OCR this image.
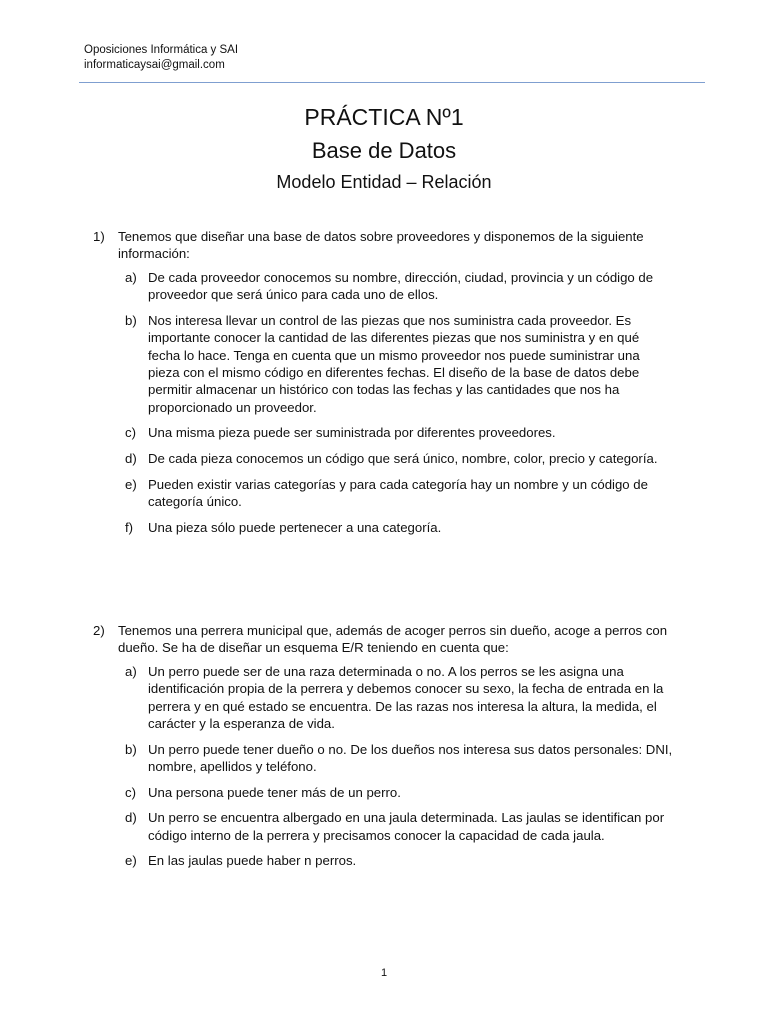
Oposiciones Informática y SAI
informaticaysai@gmail.com
PRÁCTICA Nº1
Base de Datos
Modelo Entidad – Relación
1)	Tenemos que diseñar una base de datos sobre proveedores y disponemos de la siguiente información:
a) De cada proveedor conocemos su nombre, dirección, ciudad, provincia y un código de proveedor que será único para cada uno de ellos.
b) Nos interesa llevar un control de las piezas que nos suministra cada proveedor. Es importante conocer la cantidad de las diferentes piezas que nos suministra y en qué fecha lo hace. Tenga en cuenta que un mismo proveedor nos puede suministrar una pieza con el mismo código en diferentes fechas. El diseño de la base de datos debe permitir almacenar un histórico con todas las fechas y las cantidades que nos ha proporcionado un proveedor.
c) Una misma pieza puede ser suministrada por diferentes proveedores.
d) De cada pieza conocemos un código que será único, nombre, color, precio y categoría.
e) Pueden existir varias categorías y para cada categoría hay un nombre y un código de categoría único.
f)	Una pieza sólo puede pertenecer a una categoría.
2)	Tenemos una perrera municipal que, además de acoger perros sin dueño, acoge a perros con dueño. Se ha de diseñar un esquema E/R teniendo en cuenta que:
a) Un perro puede ser de una raza determinada o no. A los perros se les asigna una identificación propia de la perrera y debemos conocer su sexo, la fecha de entrada en la perrera y en qué estado se encuentra. De las razas nos interesa la altura, la medida, el carácter y la esperanza de vida.
b) Un perro puede tener dueño o no. De los dueños nos interesa sus datos personales: DNI, nombre, apellidos y teléfono.
c) Una persona puede tener más de un perro.
d) Un perro se encuentra albergado en una jaula determinada. Las jaulas se identifican por código interno de la perrera y precisamos conocer la capacidad de cada jaula.
e) En las jaulas puede haber n perros.
1
